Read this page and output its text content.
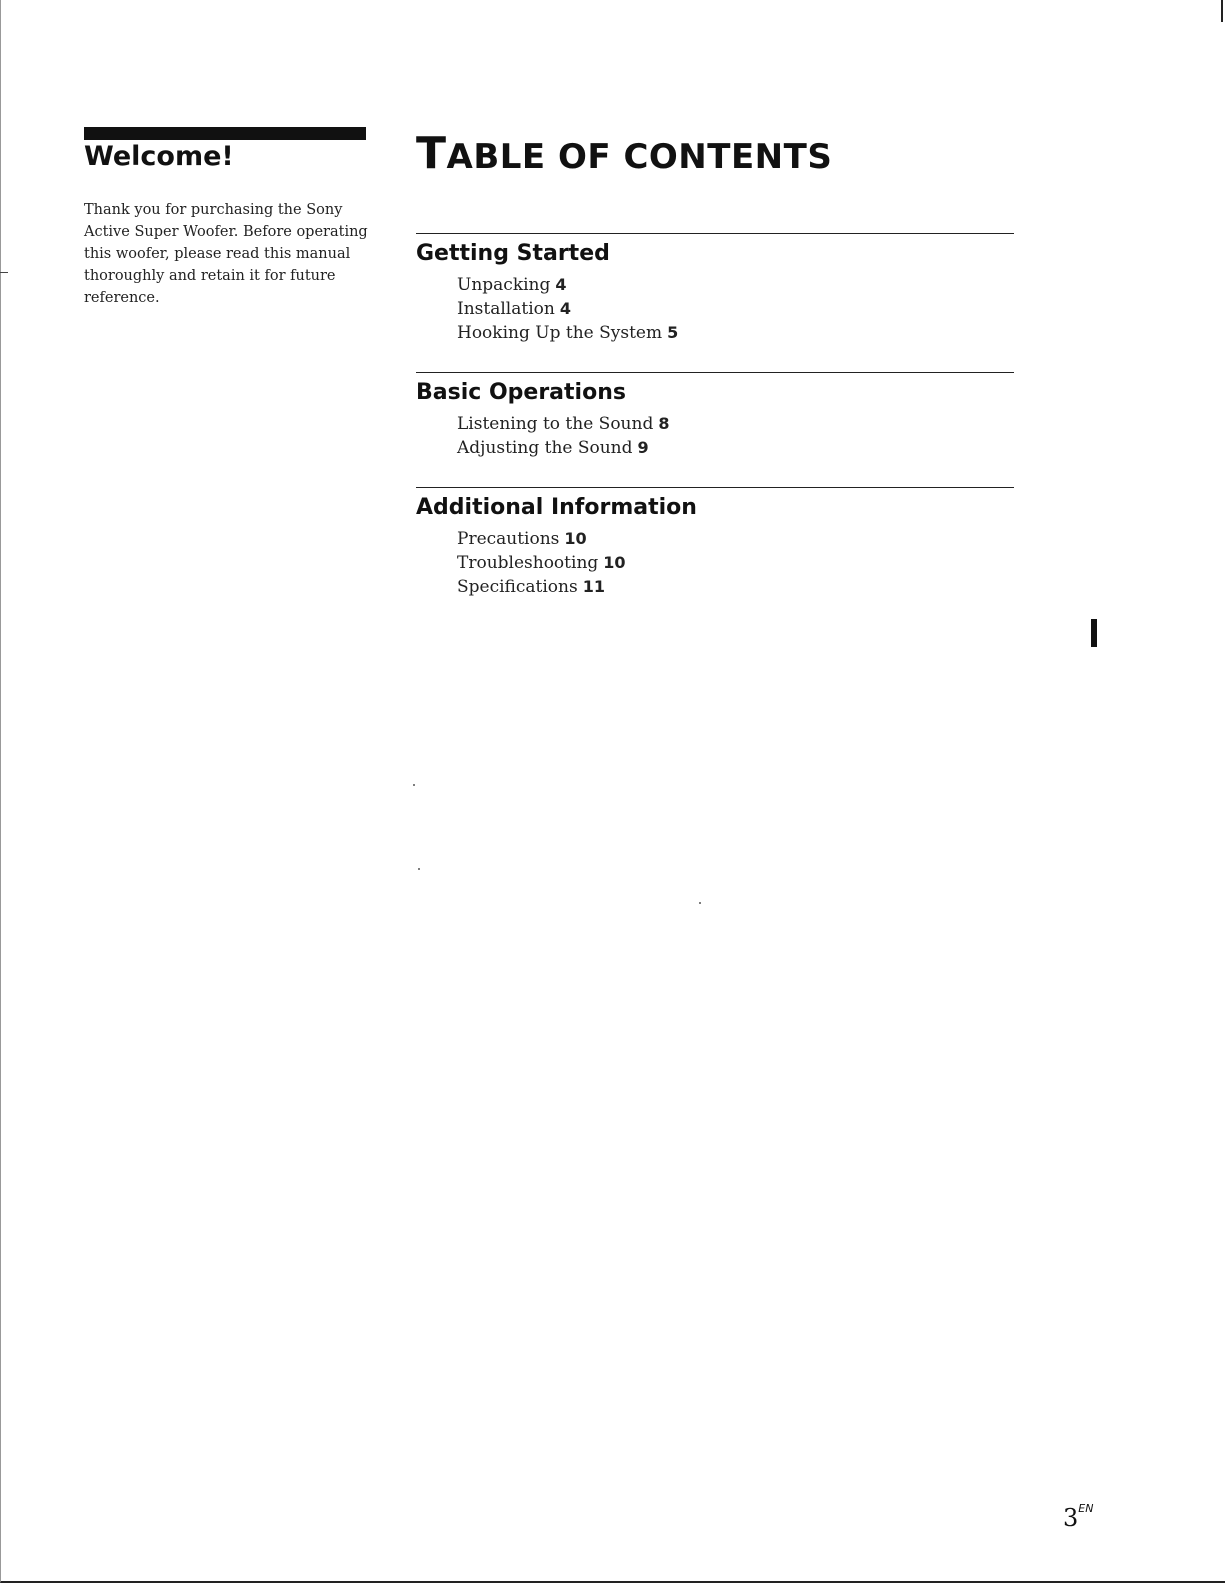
Welcome!
Thank you for purchasing the Sony Active Super Woofer. Before operating this woofer, please read this manual thoroughly and retain it for future reference.
TABLE OF CONTENTS
Getting Started
Unpacking 4
Installation 4
Hooking Up the System 5
Basic Operations
Listening to the Sound 8
Adjusting the Sound 9
Additional Information
Precautions 10
Troubleshooting 10
Specifications 11
$3^{EN}$
